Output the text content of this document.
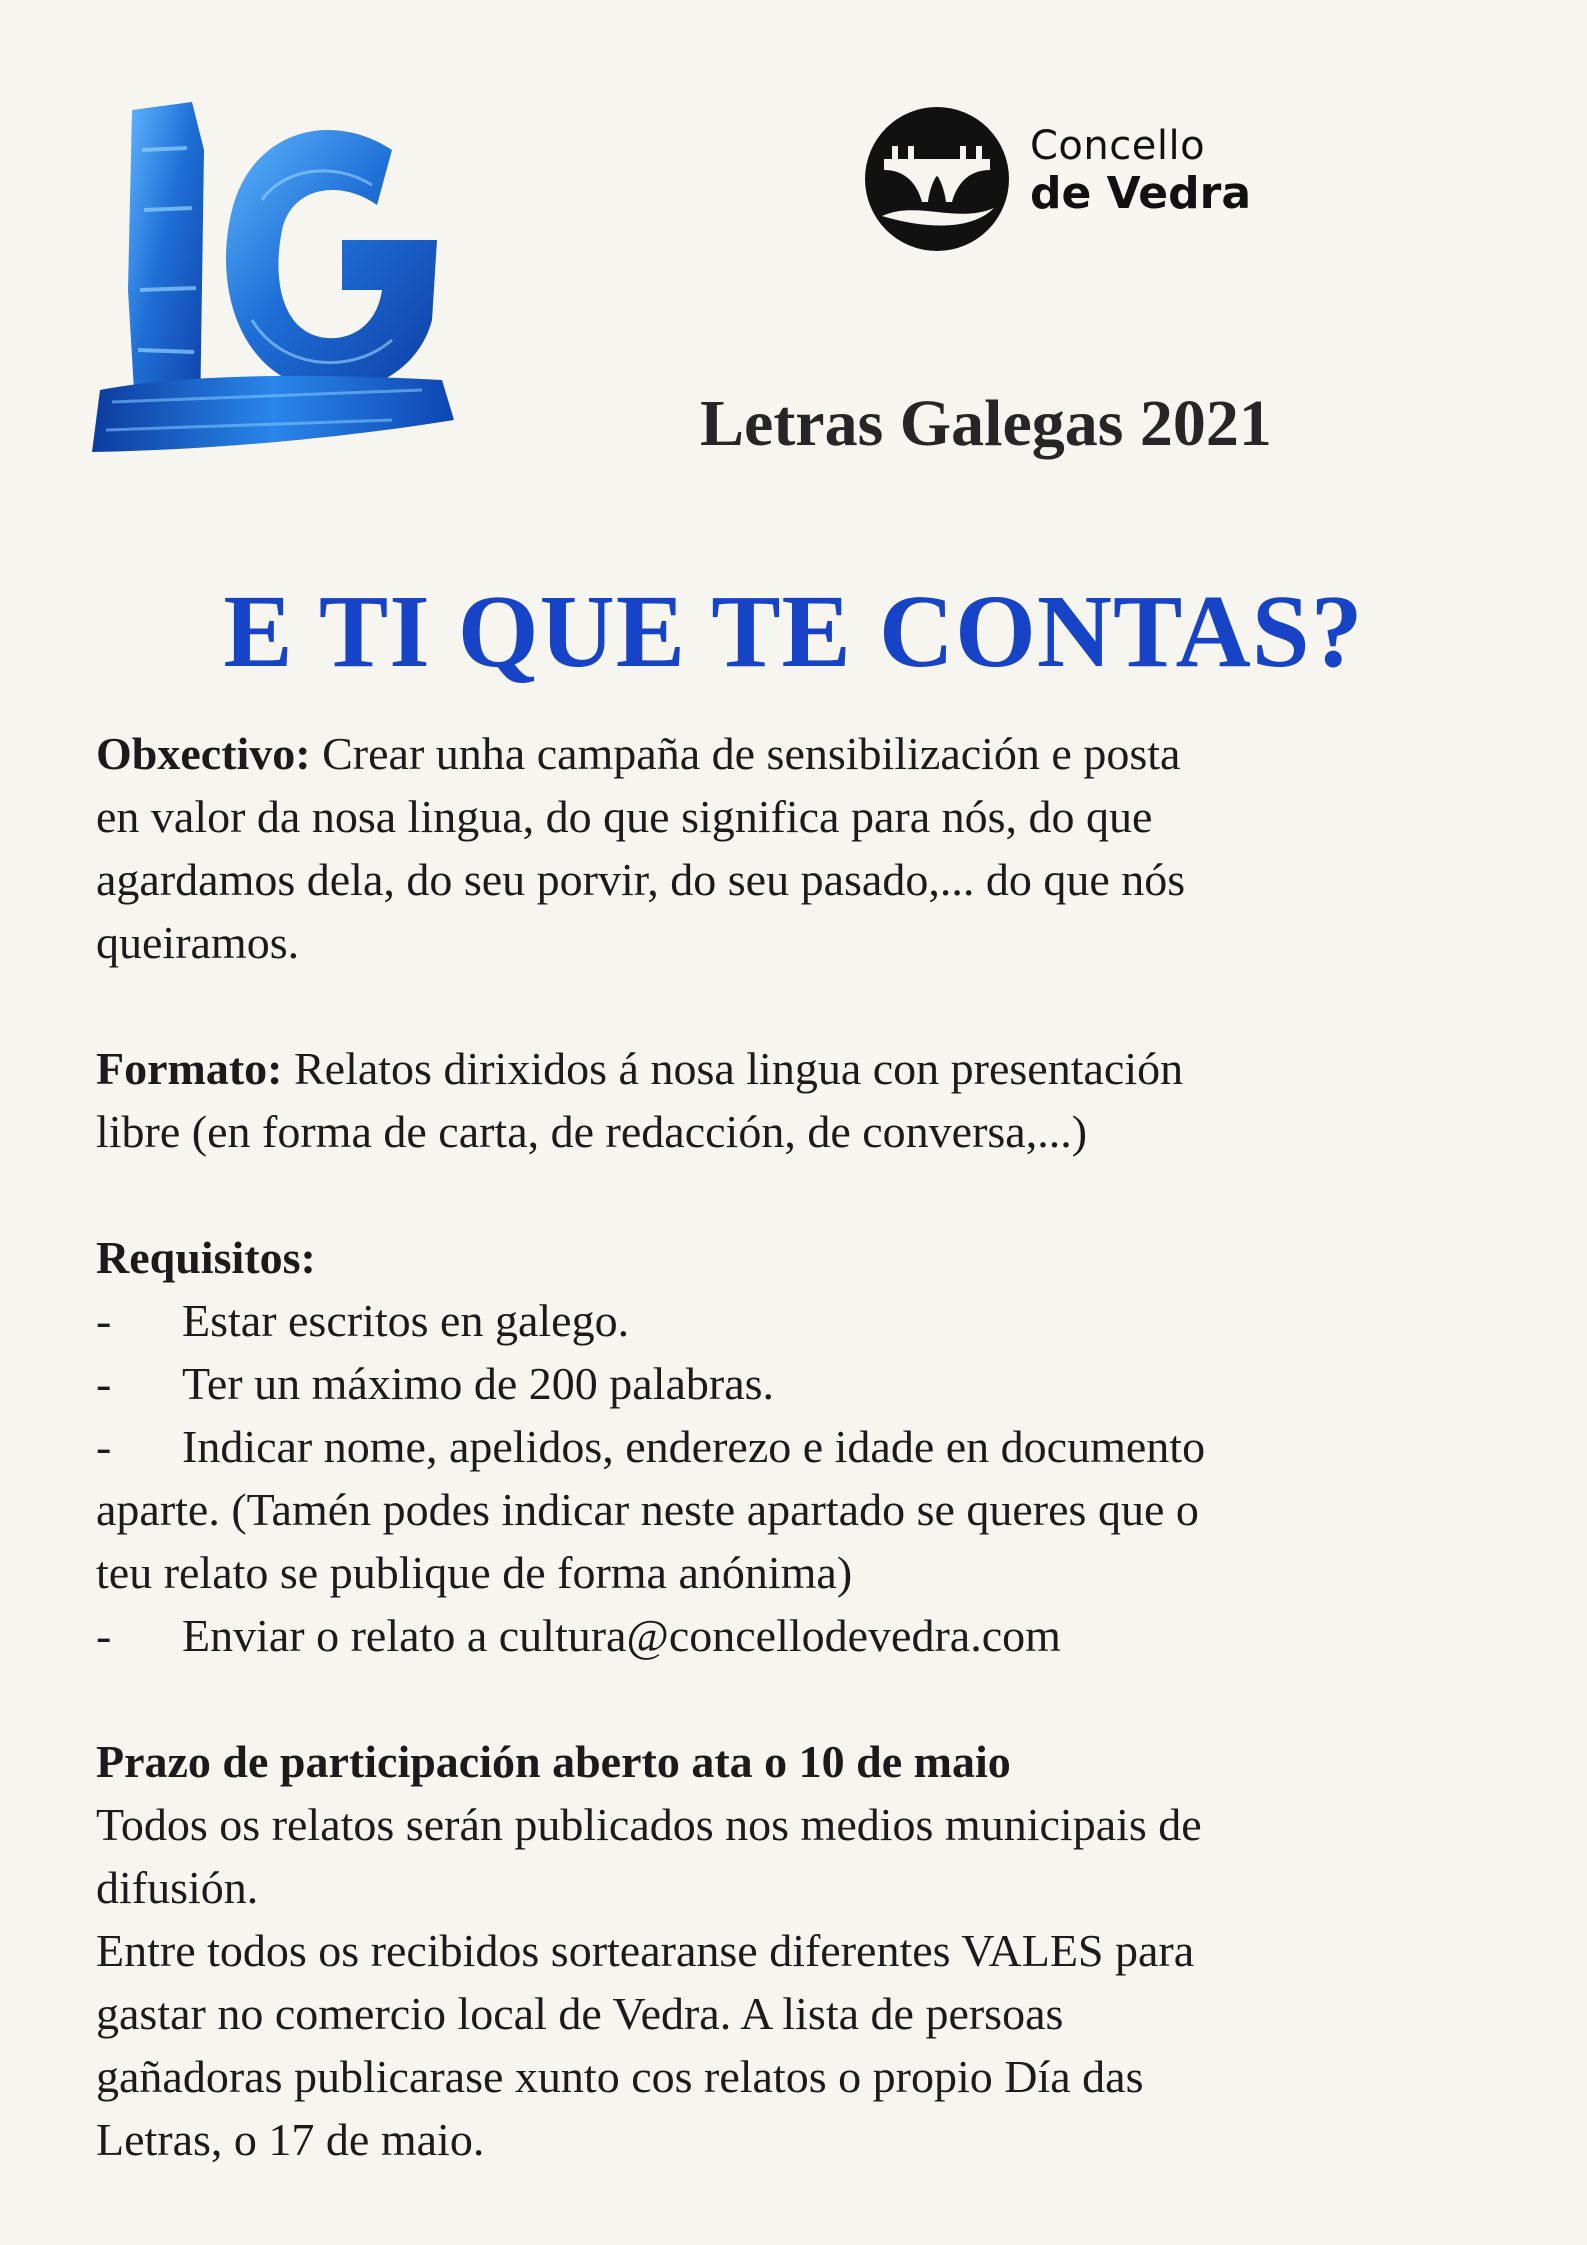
Concello
de Vedra
Letras Galegas 2021
E TI QUE TE CONTAS?

Obxectivo: Crear unha campaña de sensibilización e posta

en valor da nosa lingua, do que significa para nós, do que

agardamos dela, do seu porvir, do seu pasado,... do que nós

queiramos.

Formato: Relatos dirixidos á nosa lingua con presentación

libre (en forma de carta, de redacción, de conversa,...)

Requisitos:

- Estar escritos en galego.

- Ter un máximo de 200 palabras.

- Indicar nome, apelidos, enderezo e idade en documento

aparte. (Tamén podes indicar neste apartado se queres que o

teu relato se publique de forma anónima)

- Enviar o relato a cultura@concellodevedra.com

Prazo de participación aberto ata o 10 de maio

Todos os relatos serán publicados nos medios municipais de

difusión.

Entre todos os recibidos sortearanse diferentes VALES para

gastar no comercio local de Vedra. A lista de persoas

gañadoras publicarase xunto cos relatos o propio Día das

Letras, o 17 de maio.
